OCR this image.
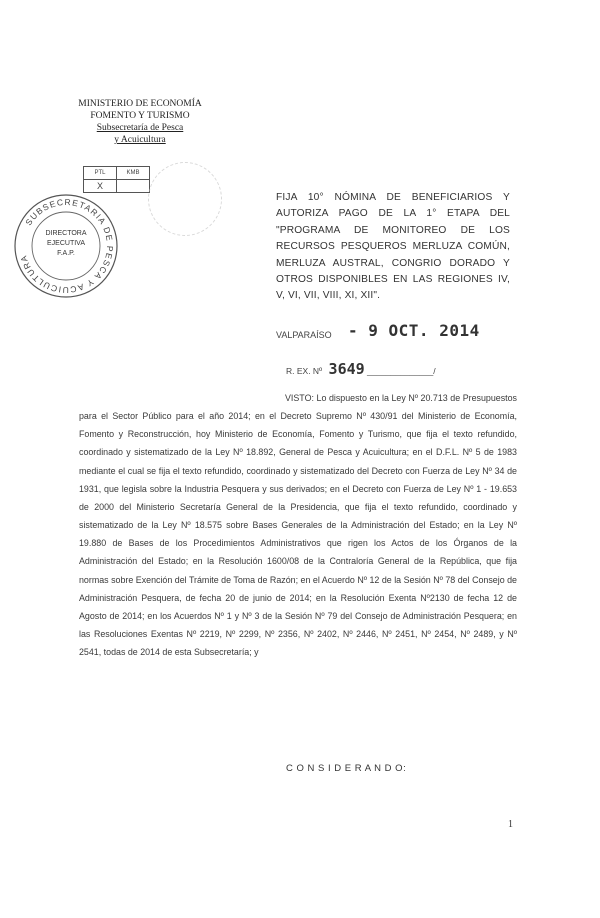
MINISTERIO DE ECONOMÍA
FOMENTO Y TURISMO
Subsecretaría de Pesca
y Acuicultura
PTL	KMB
X	
SUBSECRETARIA DE PESCA Y ACUICULTURA
DIRECTORA
EJECUTIVA
F.A.P.
FIJA 10° NÓMINA DE BENEFICIARIOS Y AUTORIZA PAGO DE LA 1° ETAPA DEL "PROGRAMA DE MONITOREO DE LOS RECURSOS PESQUEROS MERLUZA COMÚN, MERLUZA AUSTRAL, CONGRIO DORADO Y OTROS DISPONIBLES EN LAS REGIONES IV, V, VI, VII, VIII, XI, XII".
VALPARAÍSO - 9 OCT. 2014
R. EX. Nº 3649 ______________/
VISTO: Lo dispuesto en la Ley Nº 20.713 de Presupuestos para el Sector Público para el año 2014; en el Decreto Supremo Nº 430/91 del Ministerio de Economía, Fomento y Reconstrucción, hoy Ministerio de Economía, Fomento y Turismo, que fija el texto refundido, coordinado y sistematizado de la Ley Nº 18.892, General de Pesca y Acuicultura; en el D.F.L. Nº 5 de 1983 mediante el cual se fija el texto refundido, coordinado y sistematizado del Decreto con Fuerza de Ley Nº 34 de 1931, que legisla sobre la Industria Pesquera y sus derivados; en el Decreto con Fuerza de Ley Nº 1 - 19.653 de 2000 del Ministerio Secretaría General de la Presidencia, que fija el texto refundido, coordinado y sistematizado de la Ley Nº 18.575 sobre Bases Generales de la Administración del Estado; en la Ley Nº 19.880 de Bases de los Procedimientos Administrativos que rigen los Actos de los Órganos de la Administración del Estado; en la Resolución 1600/08 de la Contraloría General de la República, que fija normas sobre Exención del Trámite de Toma de Razón; en el Acuerdo Nº 12 de la Sesión Nº 78 del Consejo de Administración Pesquera, de fecha 20 de junio de 2014; en la Resolución Exenta Nº2130 de fecha 12 de Agosto de 2014; en los Acuerdos Nº 1 y Nº 3 de la Sesión Nº 79 del Consejo de Administración Pesquera; en las Resoluciones Exentas Nº 2219, Nº 2299, Nº 2356, Nº 2402, Nº 2446, Nº 2451, Nº 2454, Nº 2489, y Nº 2541, todas de 2014 de esta Subsecretaría; y
C O N S I D E R A N D O:
1
